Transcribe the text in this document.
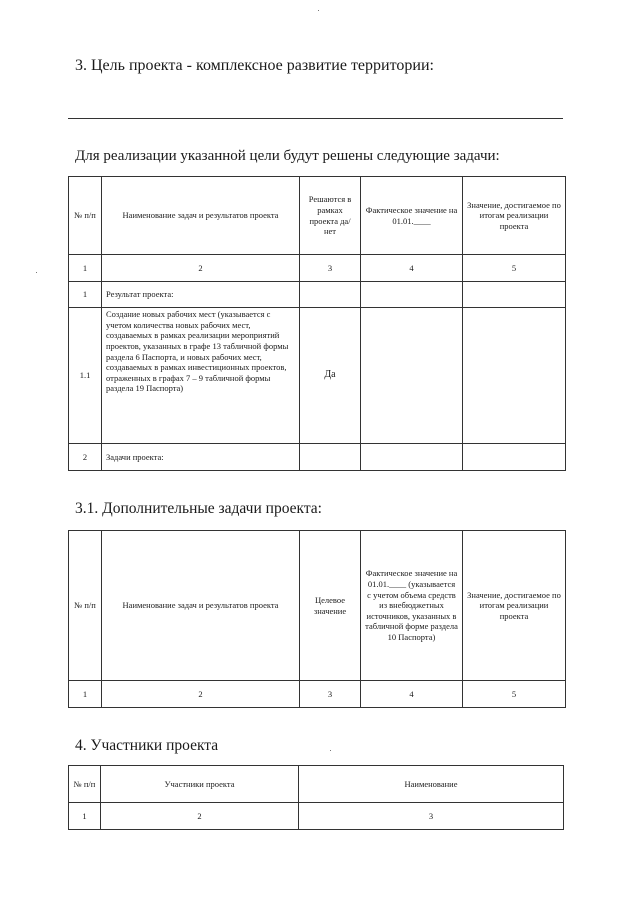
3. Цель проекта - комплексное развитие территории:
Для реализации указанной цели будут решены следующие задачи:
№ п/п	Наименование задач и результатов проекта	Решаются в рамках проекта да/нет	Фактическое значение на 01.01.____	Значение, достигаемое по итогам реализации проекта
1	2	3	4	5
1	Результат проекта:			
1.1	Создание новых рабочих мест (указывается с учетом количества новых рабочих мест, создаваемых в рамках реализации мероприятий проектов, указанных в графе 13 табличной формы раздела 6 Паспорта, и новых рабочих мест, создаваемых в рамках инвестиционных проектов, отраженных в графах 7 – 9 табличной формы раздела 19 Паспорта)	Да		
2	Задачи проекта:			
3.1. Дополнительные задачи проекта:
№ п/п	Наименование задач и результатов проекта	Целевое значение	Фактическое значение на 01.01.____ (указывается с учетом объема средств из внебюджетных источников, указанных в табличной форме раздела 10 Паспорта)	Значение, достигаемое по итогам реализации проекта
1	2	3	4	5
4. Участники проекта
№ п/п	Участники проекта	Наименование
1	2	3
